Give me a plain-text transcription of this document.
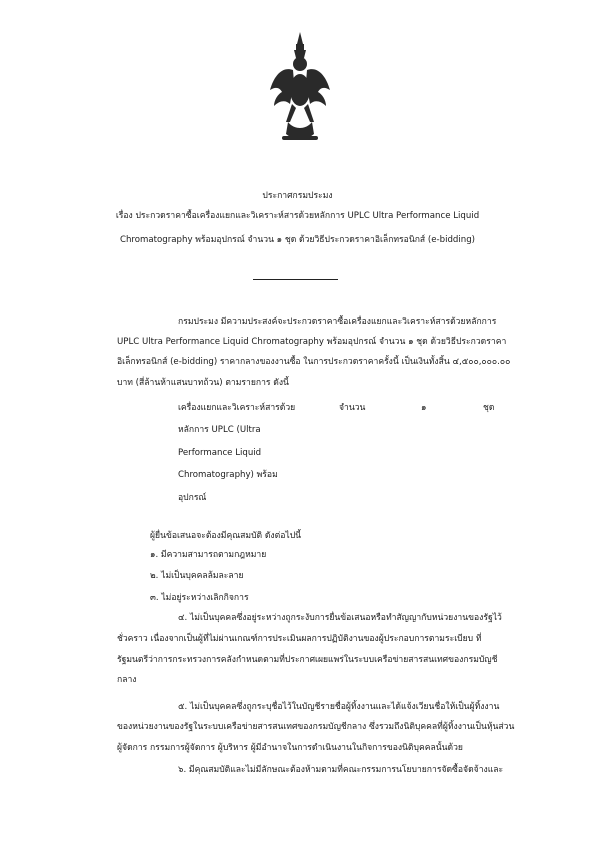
ประกาศกรมประมง
เรื่อง ประกวดราคาซื้อเครื่องแยกและวิเคราะห์สารด้วยหลักการ UPLC Ultra Performance Liquid
Chromatography พร้อมอุปกรณ์ จำนวน ๑ ชุด ด้วยวิธีประกวดราคาอิเล็กทรอนิกส์ (e-bidding)
กรมประมง มีความประสงค์จะประกวดราคาซื้อเครื่องแยกและวิเคราะห์สารด้วยหลักการ
UPLC Ultra Performance Liquid Chromatography พร้อมอุปกรณ์ จำนวน ๑ ชุด ด้วยวิธีประกวดราคา
อิเล็กทรอนิกส์ (e-bidding) ราคากลางของงานซื้อ ในการประกวดราคาครั้งนี้ เป็นเงินทั้งสิ้น ๔,๕๐๐,๐๐๐.๐๐
บาท (สี่ล้านห้าแสนบาทถ้วน) ตามรายการ ดังนี้
เครื่องแยกและวิเคราะห์สารด้วย
หลักการ UPLC (Ultra
Performance Liquid
Chromatography) พร้อม
อุปกรณ์
จำนวน	๑	ชุด
ผู้ยื่นข้อเสนอจะต้องมีคุณสมบัติ ดังต่อไปนี้
๑. มีความสามารถตามกฎหมาย
๒. ไม่เป็นบุคคลล้มละลาย
๓. ไม่อยู่ระหว่างเลิกกิจการ
๔. ไม่เป็นบุคคลซึ่งอยู่ระหว่างถูกระงับการยื่นข้อเสนอหรือทำสัญญากับหน่วยงานของรัฐไว้
ชั่วคราว เนื่องจากเป็นผู้ที่ไม่ผ่านเกณฑ์การประเมินผลการปฏิบัติงานของผู้ประกอบการตามระเบียบ ที่
รัฐมนตรีว่าการกระทรวงการคลังกำหนดตามที่ประกาศเผยแพร่ในระบบเครือข่ายสารสนเทศของกรมบัญชี
กลาง
๕. ไม่เป็นบุคคลซึ่งถูกระบุชื่อไว้ในบัญชีรายชื่อผู้ทิ้งงานและได้แจ้งเวียนชื่อให้เป็นผู้ทิ้งงาน
ของหน่วยงานของรัฐในระบบเครือข่ายสารสนเทศของกรมบัญชีกลาง ซึ่งรวมถึงนิติบุคคลที่ผู้ทิ้งงานเป็นหุ้นส่วน
ผู้จัดการ กรรมการผู้จัดการ ผู้บริหาร ผู้มีอำนาจในการดำเนินงานในกิจการของนิติบุคคลนั้นด้วย
๖. มีคุณสมบัติและไม่มีลักษณะต้องห้ามตามที่คณะกรรมการนโยบายการจัดซื้อจัดจ้างและ
